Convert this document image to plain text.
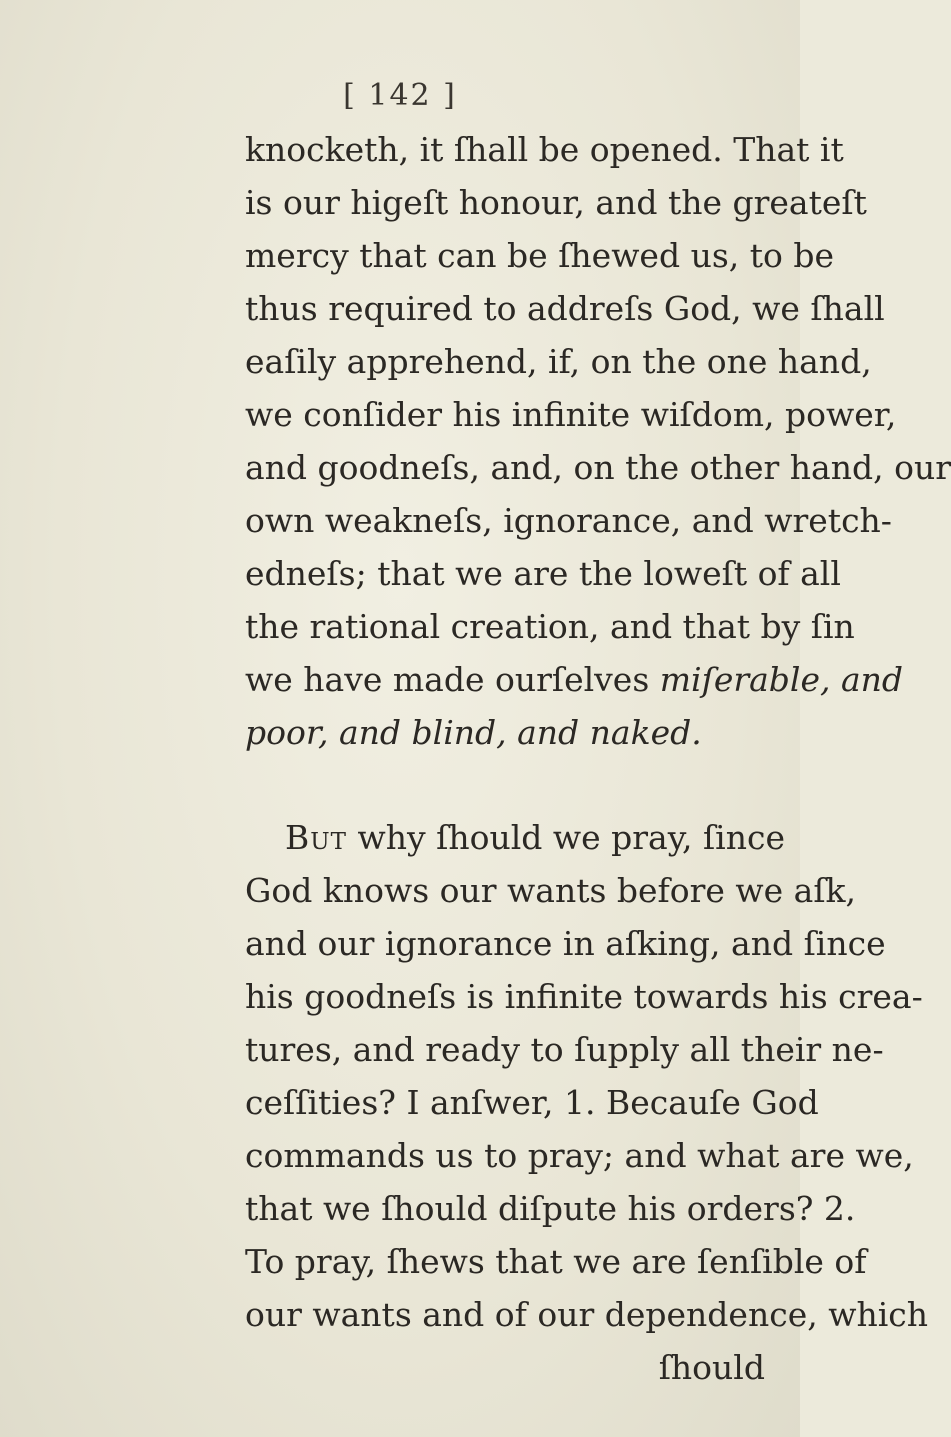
[ 142 ]
knocketh, it ſhall be opened. That it
is our higeſt honour, and the greateſt
mercy that can be ſhewed us, to be
thus required to addreſs God, we ſhall
eaſily apprehend, if, on the one hand,
we conſider his infinite wiſdom, power,
and goodneſs, and, on the other hand, our
own weakneſs, ignorance, and wretch-
edneſs; that we are the loweſt of all
the rational creation, and that by ſin
we have made ourſelves miſerable, and
poor, and blind, and naked.
But why ſhould we pray, ſince
God knows our wants before we aſk,
and our ignorance in aſking, and ſince
his goodneſs is infinite towards his crea-
tures, and ready to ſupply all their ne-
ceſſities? I anſwer, 1. Becauſe God
commands us to pray; and what are we,
that we ſhould diſpute his orders? 2.
To pray, ſhews that we are ſenſible of
our wants and of our dependence, which
ſhould
